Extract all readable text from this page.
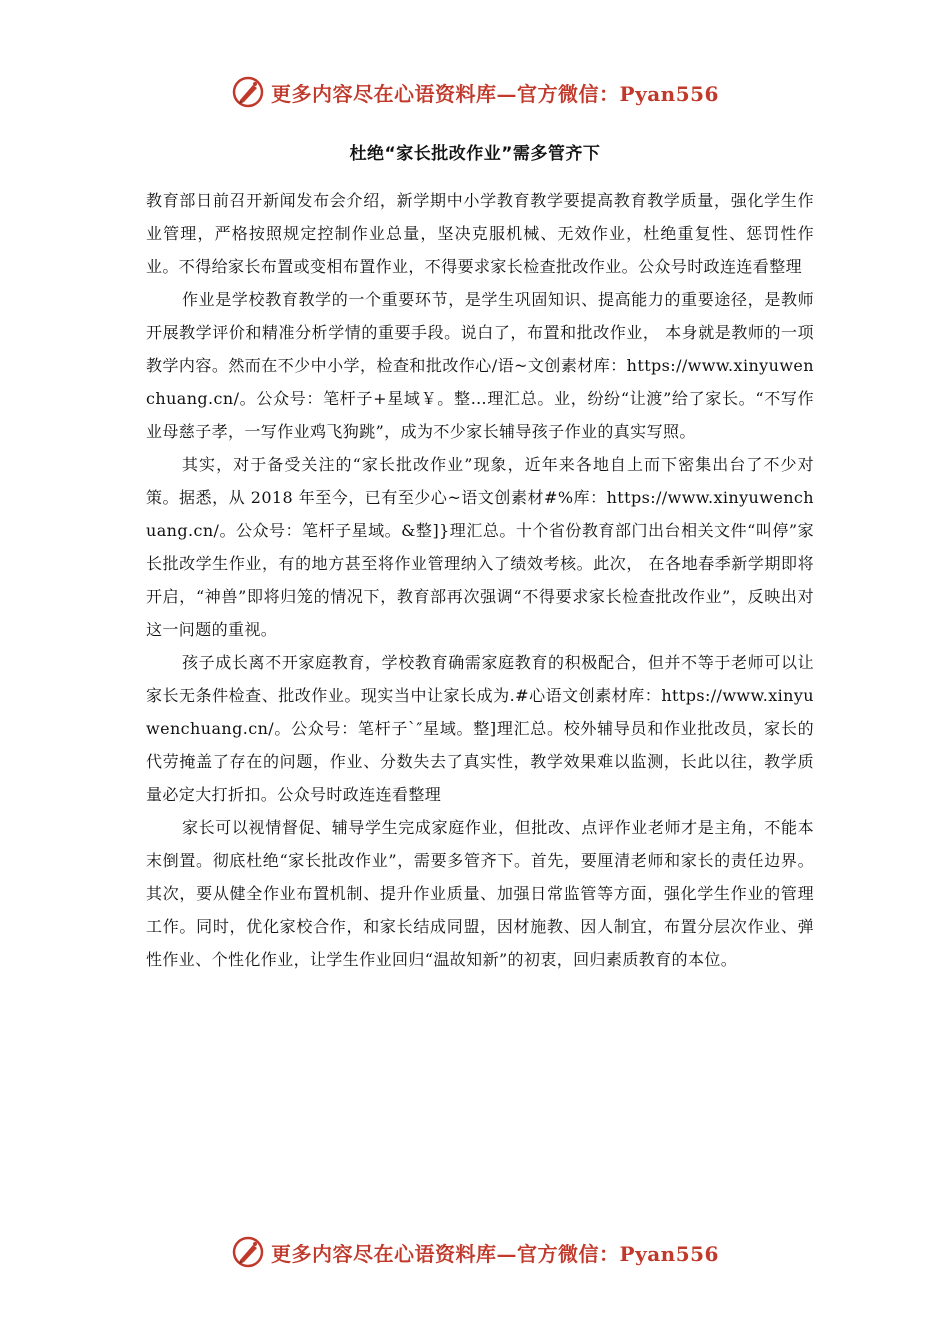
更多内容尽在心语资料库—官方微信：Pyan556
杜绝“家长批改作业”需多管齐下

教育部日前召开新闻发布会介绍，新学期中小学教育教学要提高教育教学质量，强化学生作业管理，严格按照规定控制作业总量，坚决克服机械、无效作业，杜绝重复性、惩罚性作业。不得给家长布置或变相布置作业，不得要求家长检查批改作业。公众号时政连连看整理

作业是学校教育教学的一个重要环节，是学生巩固知识、提高能力的重要途径，是教师开展教学评价和精准分析学情的重要手段。说白了，布置和批改作业， 本身就是教师的一项教学内容。然而在不少中小学，检查和批改作心/语~文创素材库：https://www.xinyuwenchuang.cn/。公众号：笔杆子+星域￥。整…理汇总。业，纷纷“让渡”给了家长。“不写作业母慈子孝，一写作业鸡飞狗跳”，成为不少家长辅导孩子作业的真实写照。

其实，对于备受关注的“家长批改作业”现象，近年来各地自上而下密集出台了不少对策。据悉，从 2018 年至今，已有至少心~语文创素材#%库：https://www.xinyuwenchuang.cn/。公众号：笔杆子星域。&整]}理汇总。十个省份教育部门出台相关文件“叫停”家长批改学生作业，有的地方甚至将作业管理纳入了绩效考核。此次， 在各地春季新学期即将开启，“神兽”即将归笼的情况下，教育部再次强调“不得要求家长检查批改作业”，反映出对这一问题的重视。

孩子成长离不开家庭教育，学校教育确需家庭教育的积极配合，但并不等于老师可以让家长无条件检查、批改作业。现实当中让家长成为.#心语文创素材库：https://www.xinyuwenchuang.cn/。公众号：笔杆子`″星域。整]理汇总。校外辅导员和作业批改员，家长的代劳掩盖了存在的问题，作业、分数失去了真实性，教学效果难以监测，长此以往，教学质量必定大打折扣。公众号时政连连看整理

家长可以视情督促、辅导学生完成家庭作业，但批改、点评作业老师才是主角，不能本末倒置。彻底杜绝“家长批改作业”，需要多管齐下。首先，要厘清老师和家长的责任边界。其次，要从健全作业布置机制、提升作业质量、加强日常监管等方面，强化学生作业的管理工作。同时，优化家校合作，和家长结成同盟，因材施教、因人制宜，布置分层次作业、弹性作业、个性化作业，让学生作业回归“温故知新”的初衷，回归素质教育的本位。

更多内容尽在心语资料库—官方微信：Pyan556
